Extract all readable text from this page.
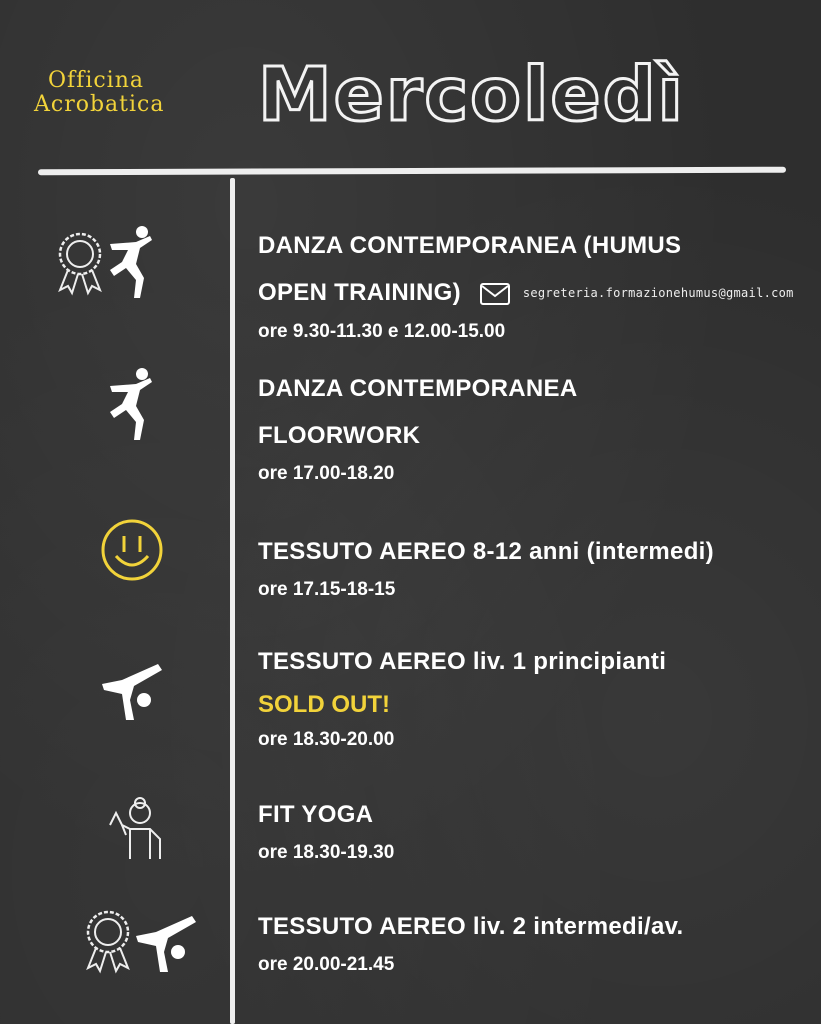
Officina
Acrobatica Mercoledì
DANZA CONTEMPORANEA (HUMUS
OPEN TRAINING)	segreteria.formazionehumus@gmail.com
ore 9.30-11.30 e 12.00-15.00
DANZA CONTEMPORANEA
FLOORWORK
ore 17.00-18.20
TESSUTO AEREO 8-12 anni (intermedi)
ore 17.15-18-15
TESSUTO AEREO liv. 1 principianti
SOLD OUT!
ore 18.30-20.00
FIT YOGA
ore 18.30-19.30
TESSUTO AEREO liv. 2 intermedi/av.
ore 20.00-21.45
